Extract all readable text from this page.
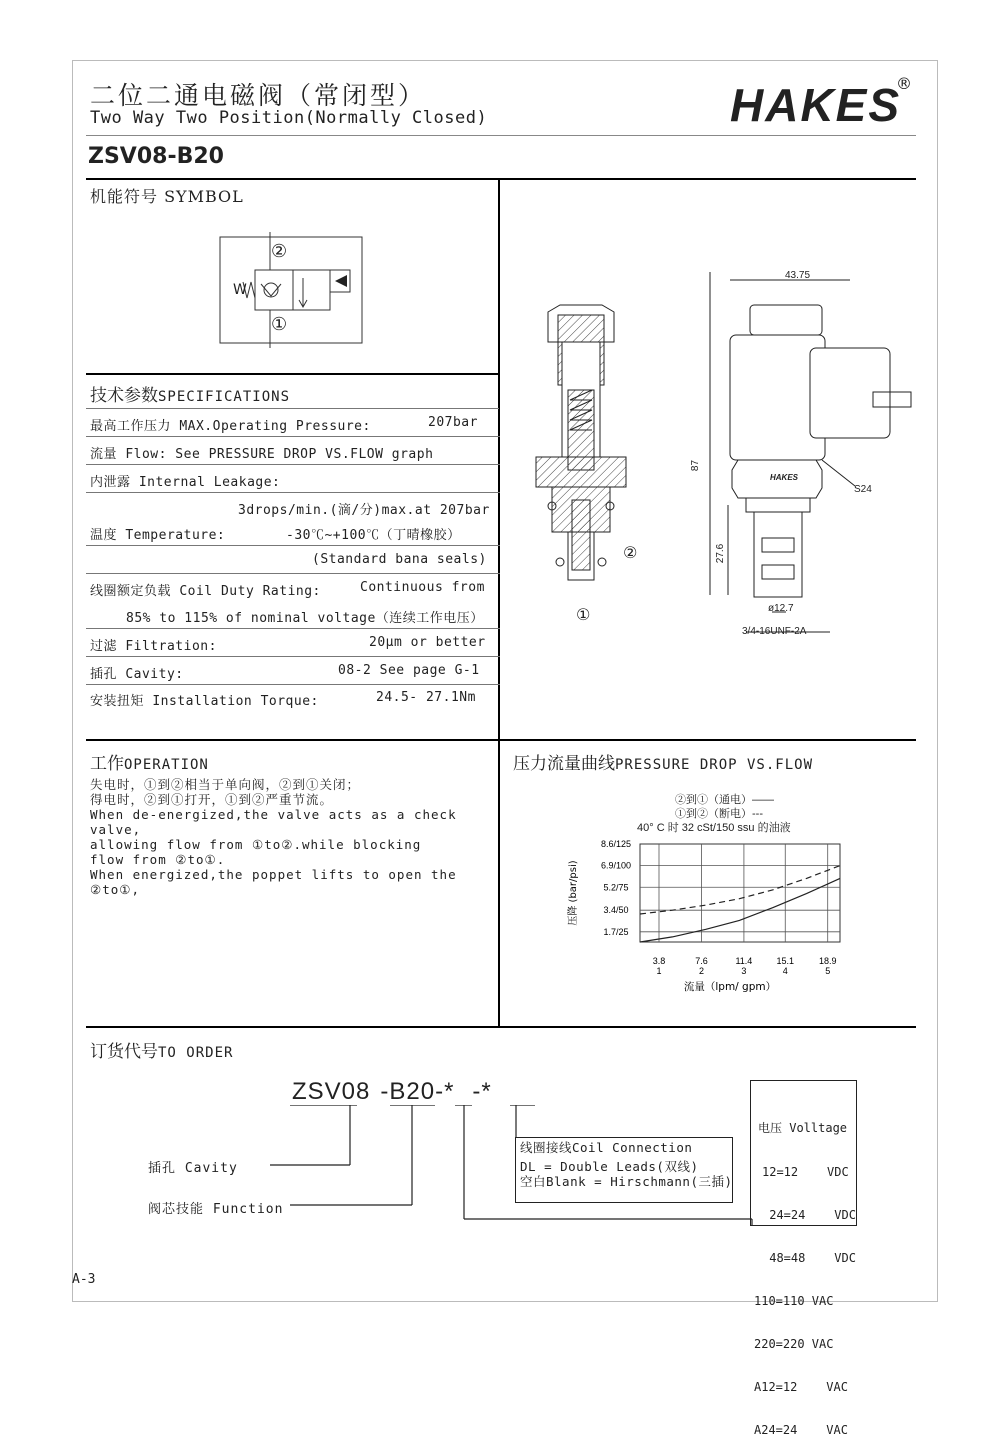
二位二通电磁阀（常闭型）
Two Way Two Position(Normally Closed)	HAKES
®
ZSV08-B20
机能符号 SYMBOL
②
①
W
技术参数SPECIFICATIONS
最高工作压力 MAX.Operating Pressure:	207bar
流量 Flow: See PRESSURE DROP VS.FLOW graph
内泄露 Internal Leakage:
3drops/min.(滴/分)max.at 207bar
温度 Temperature:	-30℃~+100℃（丁晴橡胶）
(Standard bana seals)
线圈额定负载 Coil Duty Rating:	Continuous from
85% to 115% of nominal voltage（连续工作电压）
过滤 Filtration:	20μm or better
插孔 Cavity:	08-2 See page G-1
安装扭矩 Installation Torque:	24.5- 27.1Nm
43.75
87
27.6
ø12.7
3/4-16UNF-2A
S24
HAKES
②
①
工作OPERATION
失电时，①到②相当于单向阀，②到①关闭；
得电时，②到①打开，①到②严重节流。
When de-energized,the valve acts as a check
valve,
allowing flow from ①to②.while blocking
flow from ②to①.
When energized,the poppet lifts to open the
②to①,
压力流量曲线PRESSURE DROP VS.FLOW
②到①（通电）——
①到②（断电）---
40° C 时 32 cSt/150 ssu 的油液
1.7/25
3.4/50
5.2/75
6.9/100
8.6/125
3.8
1
7.6
2
11.4
3
15.1
4
18.9
5
压降 (bar/psi)
流量（lpm/ gpm）
订货代号TO ORDER
ZSV08 -B20-* -*
插孔 Cavity
阀芯技能 Function
线圈接线Coil Connection
DL = Double Leads(双线)
空白Blank = Hirschmann(三插)

电压 Volltage

12=12    VDC

24=24    VDC

48=48    VDC

110=110 VAC

220=220 VAC

A12=12    VAC

A24=24    VAC

A-3
